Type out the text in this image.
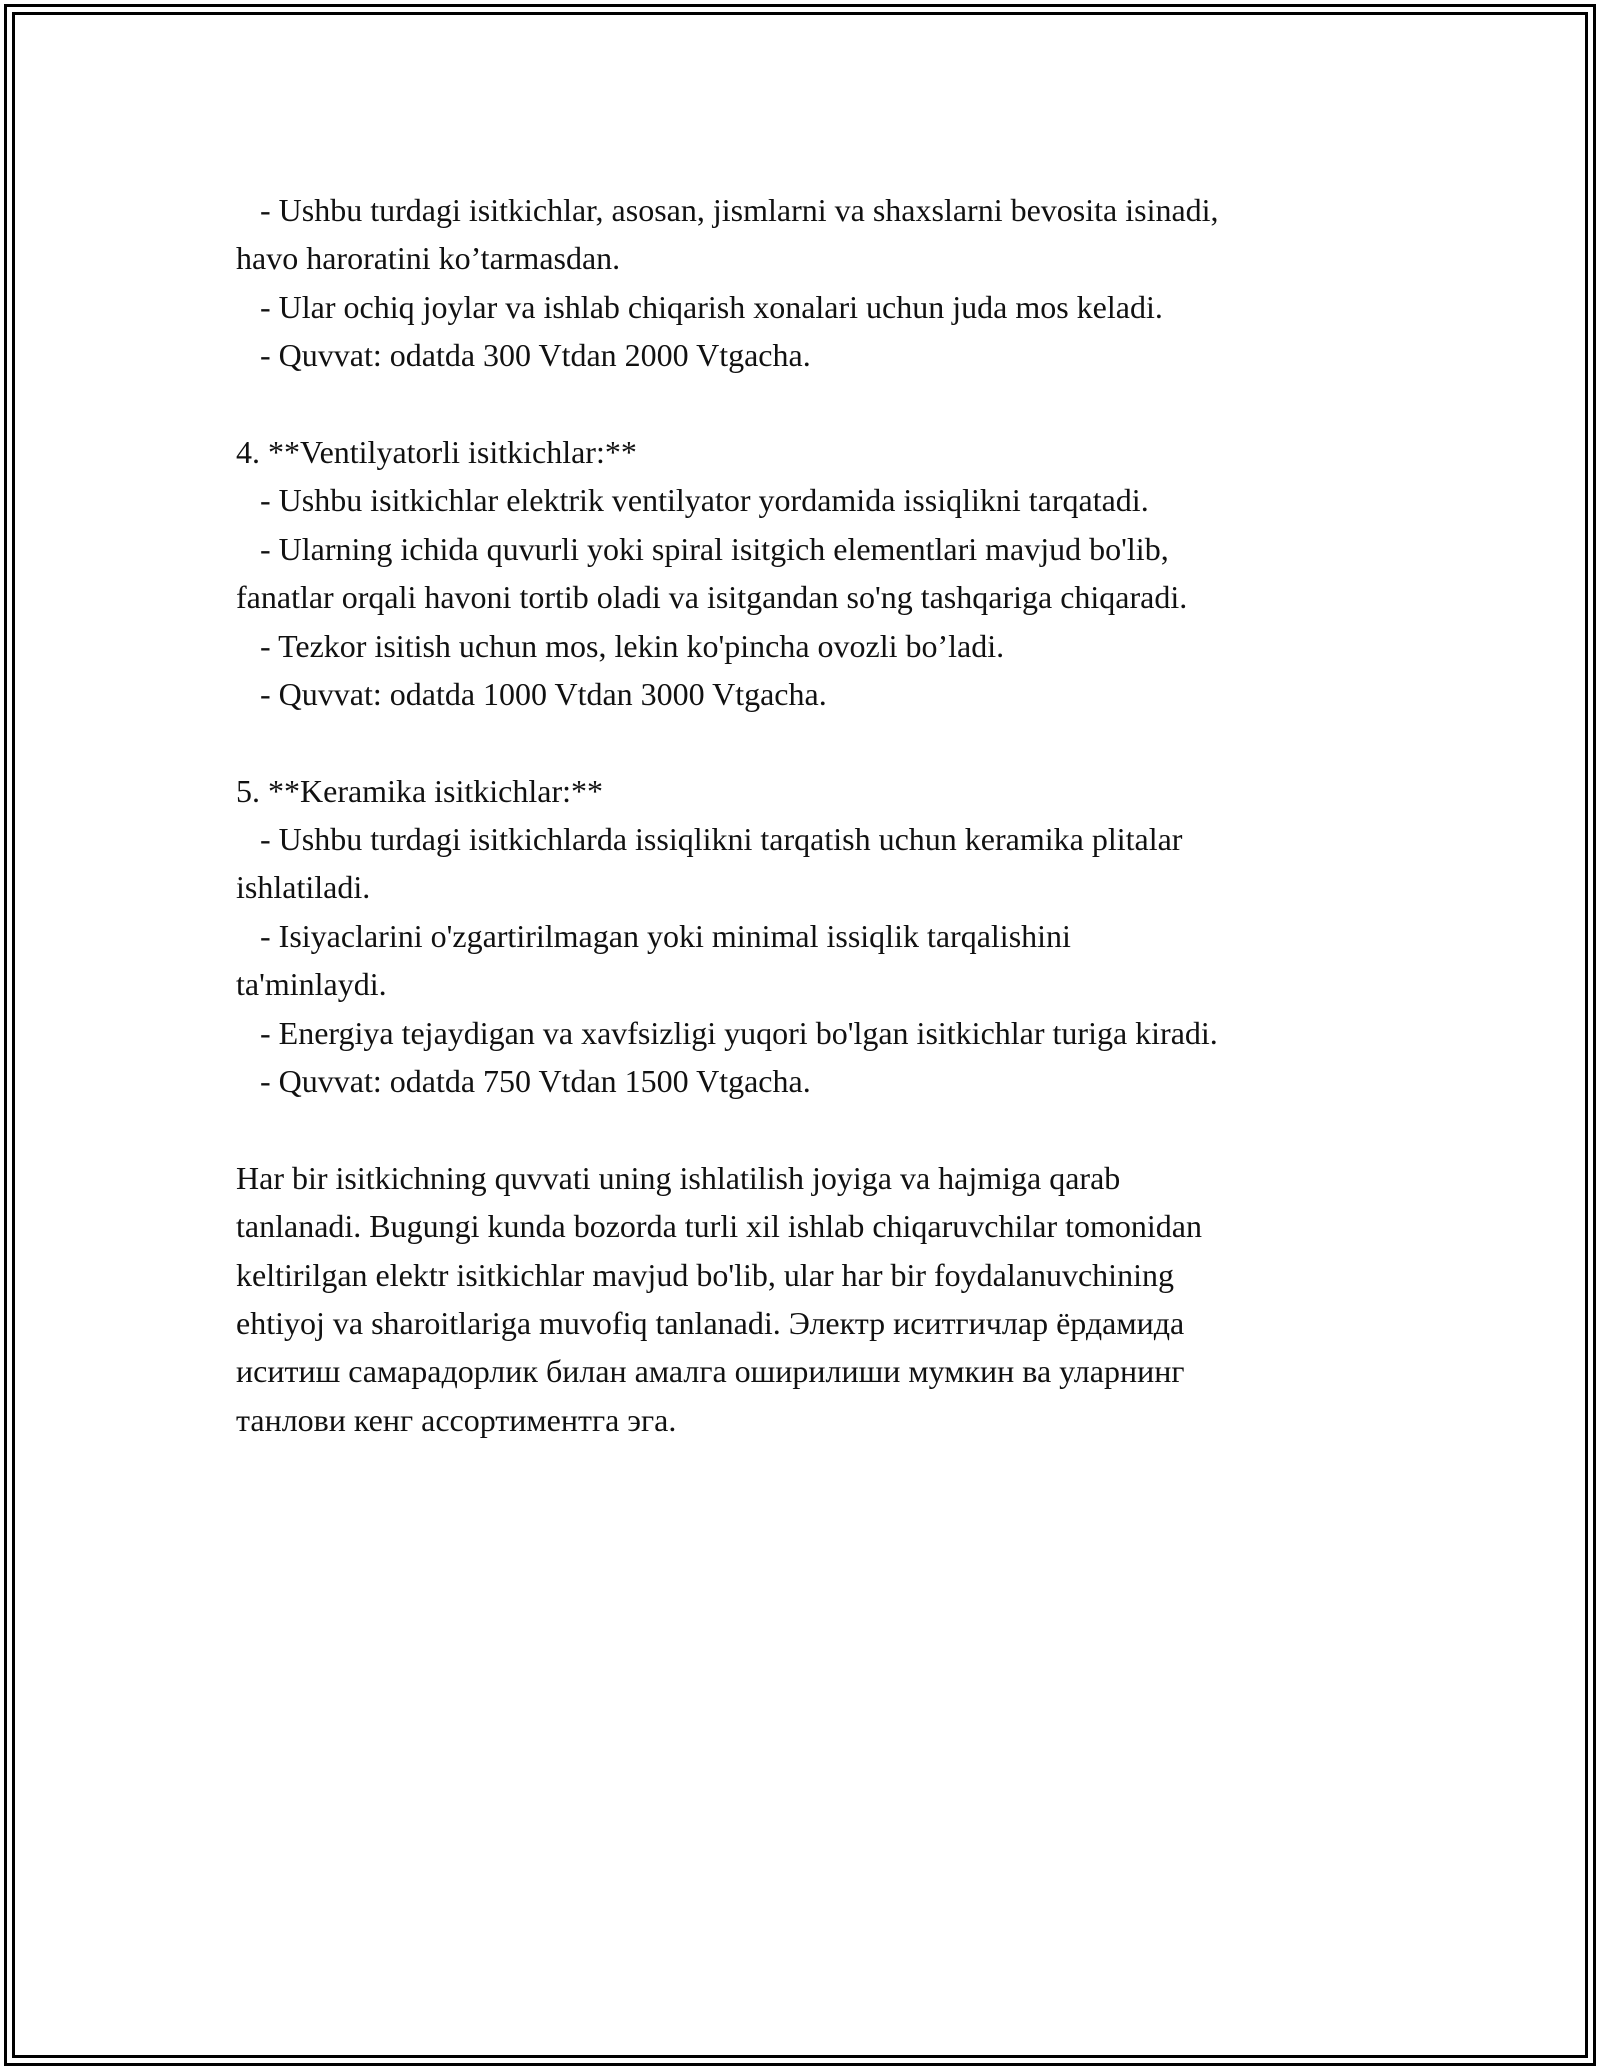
- Ushbu turdagi isitkichlar, asosan, jismlarni va shaxslarni bevosita isinadi,
havo haroratini ko’tarmasdan.
- Ular ochiq joylar va ishlab chiqarish xonalari uchun juda mos keladi.
- Quvvat: odatda 300 Vtdan 2000 Vtgacha.
4. **Ventilyatorli isitkichlar:**
- Ushbu isitkichlar elektrik ventilyator yordamida issiqlikni tarqatadi.
- Ularning ichida quvurli yoki spiral isitgich elementlari mavjud bo'lib,
fanatlar orqali havoni tortib oladi va isitgandan so'ng tashqariga chiqaradi.
- Tezkor isitish uchun mos, lekin ko'pincha ovozli bo’ladi.
- Quvvat: odatda 1000 Vtdan 3000 Vtgacha.
5. **Keramika isitkichlar:**
- Ushbu turdagi isitkichlarda issiqlikni tarqatish uchun keramika plitalar
ishlatiladi.
- Isiyaclarini o'zgartirilmagan yoki minimal issiqlik tarqalishini
ta'minlaydi.
- Energiya tejaydigan va xavfsizligi yuqori bo'lgan isitkichlar turiga kiradi.
- Quvvat: odatda 750 Vtdan 1500 Vtgacha.
Har bir isitkichning quvvati uning ishlatilish joyiga va hajmiga qarab
tanlanadi. Bugungi kunda bozorda turli xil ishlab chiqaruvchilar tomonidan
keltirilgan elektr isitkichlar mavjud bo'lib, ular har bir foydalanuvchining
ehtiyoj va sharoitlariga muvofiq tanlanadi. Электр иситгичлар ёрдамида
иситиш самарадорлик билан амалга оширилиши мумкин ва уларнинг
танлови кенг ассортиментга эга.
